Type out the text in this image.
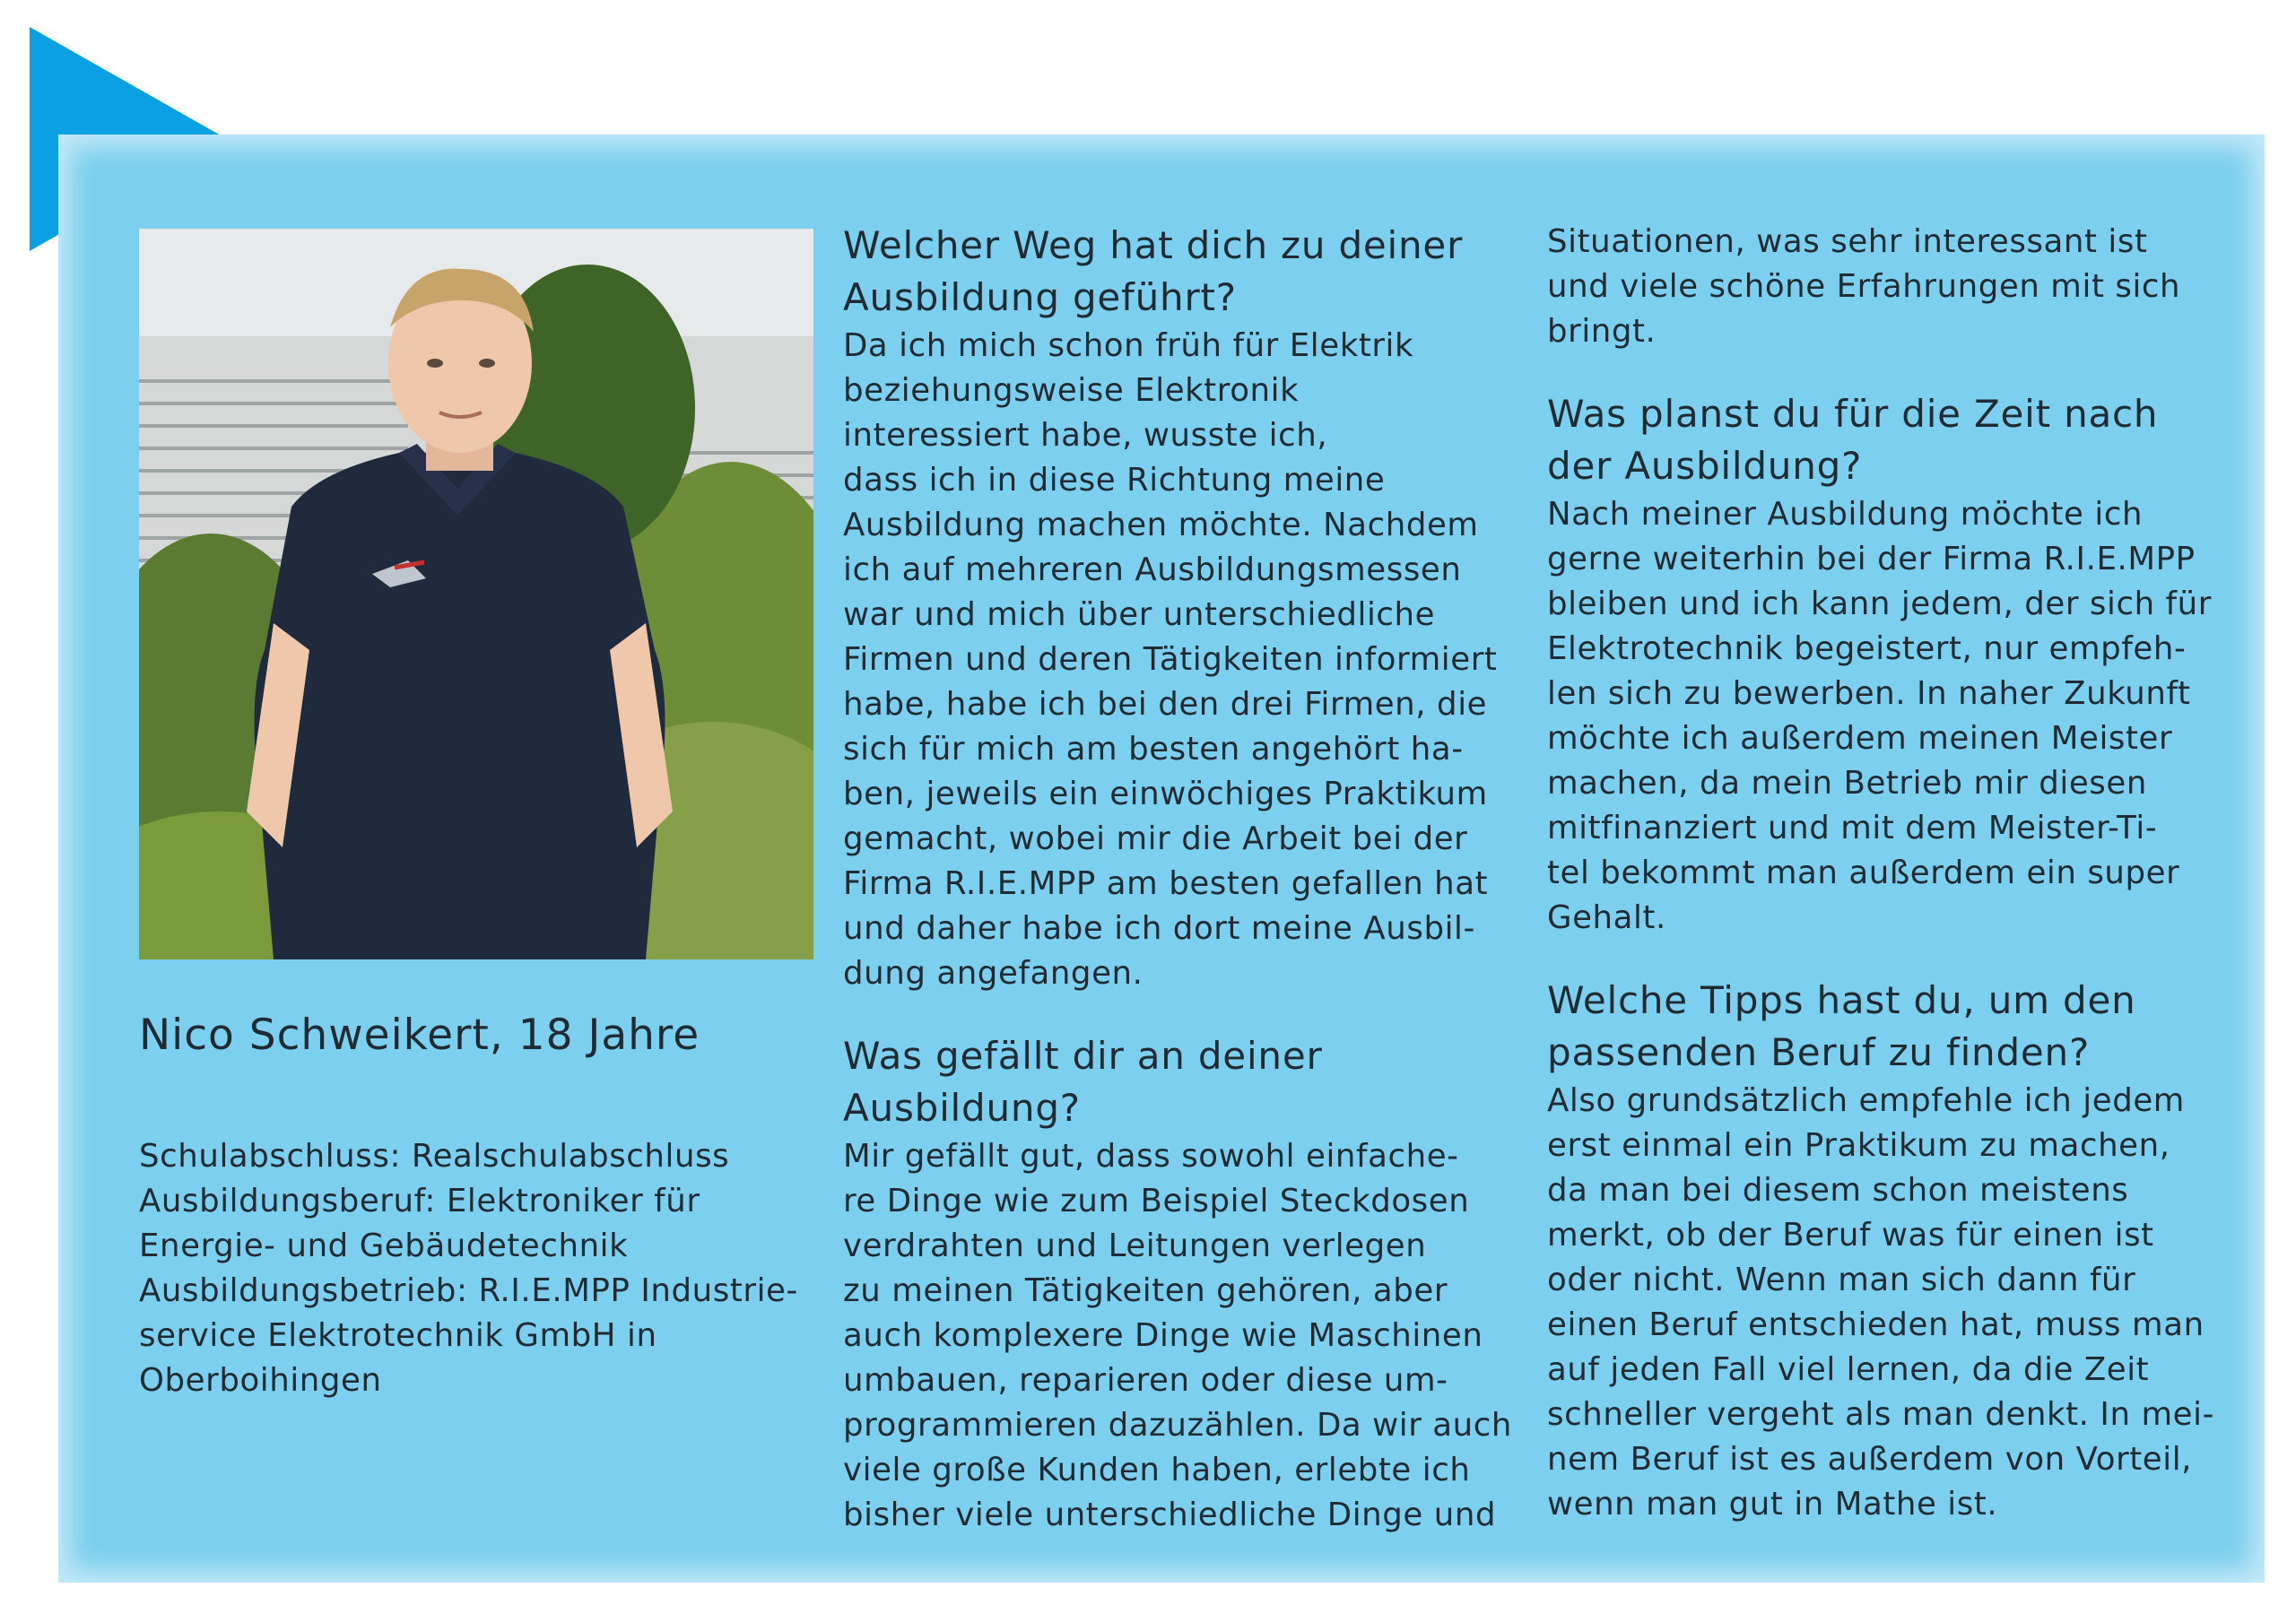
Nico Schweikert, 18 Jahre

Schulabschluss: Realschulabschluss

Ausbildungsberuf: Elektroniker für

Energie- und Gebäudetechnik

Ausbildungsbetrieb: R.I.E.MPP Industrie-

service Elektrotechnik GmbH in

Oberboihingen

Welcher Weg hat dich zu deiner
Ausbildung geführt?

Da ich mich schon früh für Elektrik

beziehungsweise Elektronik

interessiert habe, wusste ich,

dass ich in diese Richtung meine

Ausbildung machen möchte. Nachdem

ich auf mehreren Ausbildungsmessen

war und mich über unterschiedliche

Firmen und deren Tätigkeiten informiert

habe, habe ich bei den drei Firmen, die

sich für mich am besten angehört ha-

ben, jeweils ein einwöchiges Praktikum

gemacht, wobei mir die Arbeit bei der

Firma R.I.E.MPP am besten gefallen hat

und daher habe ich dort meine Ausbil-

dung angefangen.

Was gefällt dir an deiner
Ausbildung?

Mir gefällt gut, dass sowohl einfache-

re Dinge wie zum Beispiel Steckdosen

verdrahten und Leitungen verlegen

zu meinen Tätigkeiten gehören, aber

auch komplexere Dinge wie Maschinen

umbauen, reparieren oder diese um-

programmieren dazuzählen. Da wir auch

viele große Kunden haben, erlebte ich

bisher viele unterschiedliche Dinge und

Situationen, was sehr interessant ist

und viele schöne Erfahrungen mit sich

bringt.

Was planst du für die Zeit nach
der Ausbildung?

Nach meiner Ausbildung möchte ich

gerne weiterhin bei der Firma R.I.E.MPP

bleiben und ich kann jedem, der sich für

Elektrotechnik begeistert, nur empfeh-

len sich zu bewerben. In naher Zukunft

möchte ich außerdem meinen Meister

machen, da mein Betrieb mir diesen

mitfinanziert und mit dem Meister-Ti-

tel bekommt man außerdem ein super

Gehalt.

Welche Tipps hast du, um den
passenden Beruf zu finden?

Also grundsätzlich empfehle ich jedem

erst einmal ein Praktikum zu machen,

da man bei diesem schon meistens

merkt, ob der Beruf was für einen ist

oder nicht. Wenn man sich dann für

einen Beruf entschieden hat, muss man

auf jeden Fall viel lernen, da die Zeit

schneller vergeht als man denkt. In mei-

nem Beruf ist es außerdem von Vorteil,

wenn man gut in Mathe ist.
